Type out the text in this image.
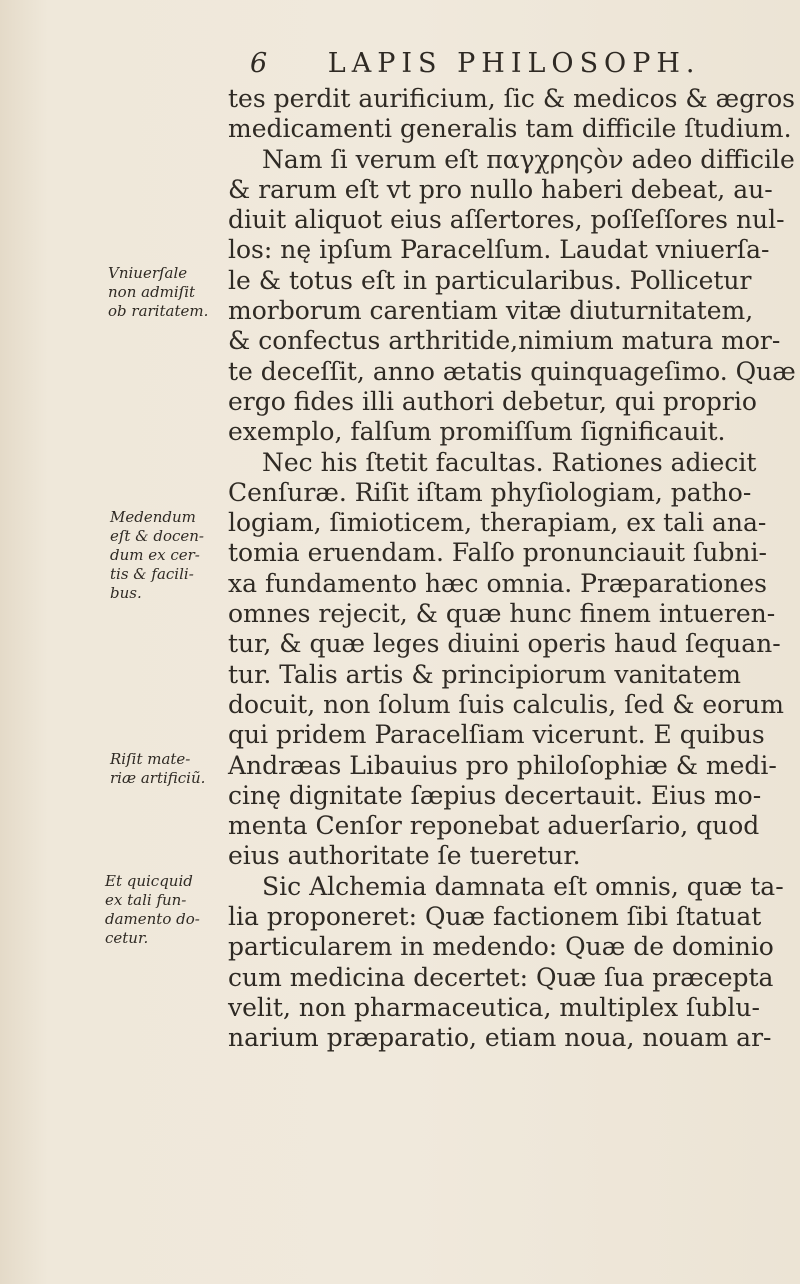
6 LAPIS PHILOSOPH.
tes perdit aurificium, ſic & medicos & ægros
medicamenti generalis tam difficile ſtudium.
Nam ſi verum eſt παγχρηςὸν adeo difficile
& rarum eſt vt pro nullo haberi debeat, au-
diuit aliquot eius aſſertores, poſſeſſores nul-
los: nę ipſum Paracelſum. Laudat vniuerſa-
le & totus eſt in particularibus. Pollicetur
morborum carentiam vitæ diuturnitatem,
& confectus arthritide,nimium matura mor-
te deceſſit, anno ætatis quinquageſimo. Quæ
ergo fides illi authori debetur, qui proprio
exemplo, falſum promiſſum ſignificauit.
Nec his ſtetit facultas. Rationes adiecit
Cenſuræ. Riſit iſtam phyſiologiam, patho-
logiam, ſimioticem, therapiam, ex tali ana-
tomia eruendam. Falſo pronunciauit ſubni-
xa fundamento hæc omnia. Præparationes
omnes rejecit, & quæ hunc finem intueren-
tur, & quæ leges diuini operis haud ſequan-
tur. Talis artis & principiorum vanitatem
docuit, non ſolum ſuis calculis, ſed & eorum
qui pridem Paracelſiam vicerunt. E quibus
Andræas Libauius pro philoſophiæ & medi-
cinę dignitate ſæpius decertauit. Eius mo-
menta Cenſor reponebat aduerſario, quod
eius authoritate ſe tueretur.
Sic Alchemia damnata eſt omnis, quæ ta-
lia proponeret: Quæ factionem ſibi ſtatuat
particularem in medendo: Quæ de dominio
cum medicina decertet: Quæ ſua præcepta
velit, non pharmaceutica, multiplex ſublu-
narium præparatio, etiam noua, nouam ar-
Vniuerſale
non admiſit
ob raritatem.
Medendum
eſt & docen-
dum ex cer-
tis & facili-
bus.
Riſit mate-
riæ artificiũ.
Et quicquid
ex tali fun-
damento do-
cetur.
